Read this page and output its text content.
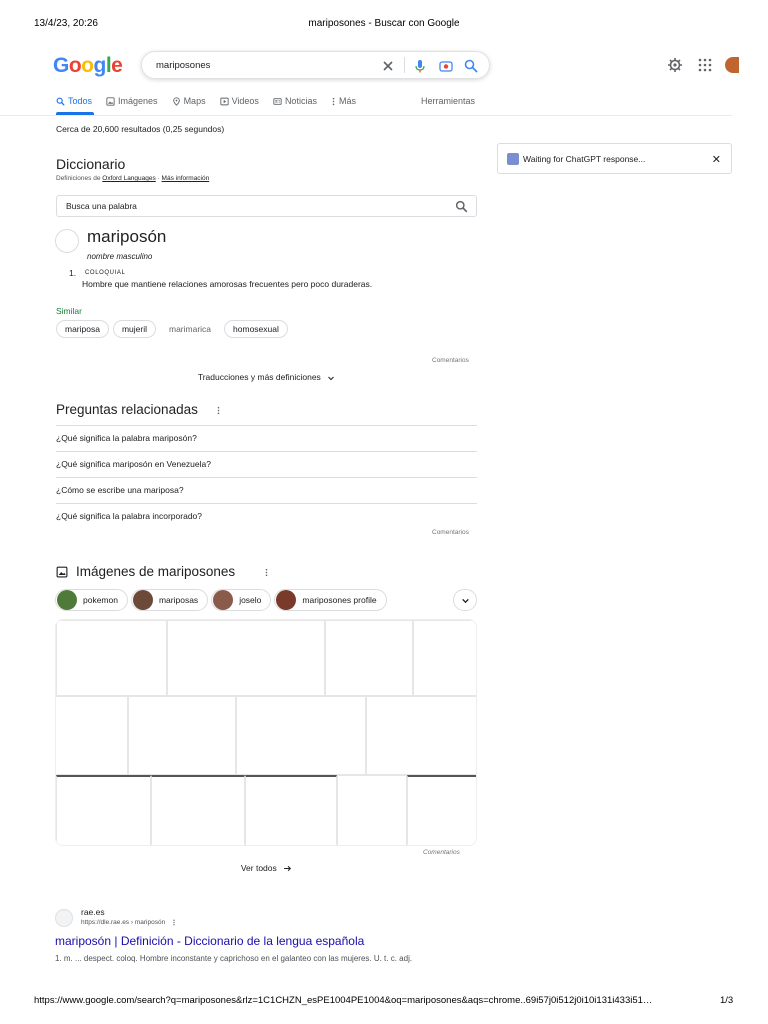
13/4/23, 20:26	mariposones - Buscar con Google
Google	mariposones
Todos	Imágenes	Maps	Videos	Noticias Más	Herramientas
Cerca de 20,600 resultados (0,25 segundos)
Diccionario
Definiciones de Oxford Languages · Más información
Busca una palabra
mariposón
nombre masculino
1. COLOQUIAL
Hombre que mantiene relaciones amorosas frecuentes pero poco duraderas.
Similar
mariposa	mujeril	marimarica	homosexual
Comentarios
Traducciones y más definiciones
Preguntas relacionadas
¿Qué significa la palabra mariposón?
¿Qué significa mariposón en Venezuela?
¿Cómo se escribe una mariposa?
¿Qué significa la palabra incorporado?
Comentarios
Imágenes de mariposones
pokemon	mariposas	joselo	mariposones profile
Comentarios
Ver todos
rae.es
https://dle.rae.es › mariposón
mariposón | Definición - Diccionario de la lengua española
1. m. ... despect. coloq. Hombre inconstante y caprichoso en el galanteo con las mujeres. U. t. c. adj.
Waiting for ChatGPT response...	✕
https://www.google.com/search?q=mariposones&rlz=1C1CHZN_esPE1004PE1004&oq=mariposones&aqs=chrome..69i57j0i512j0i10i131i433i51…	1/3
